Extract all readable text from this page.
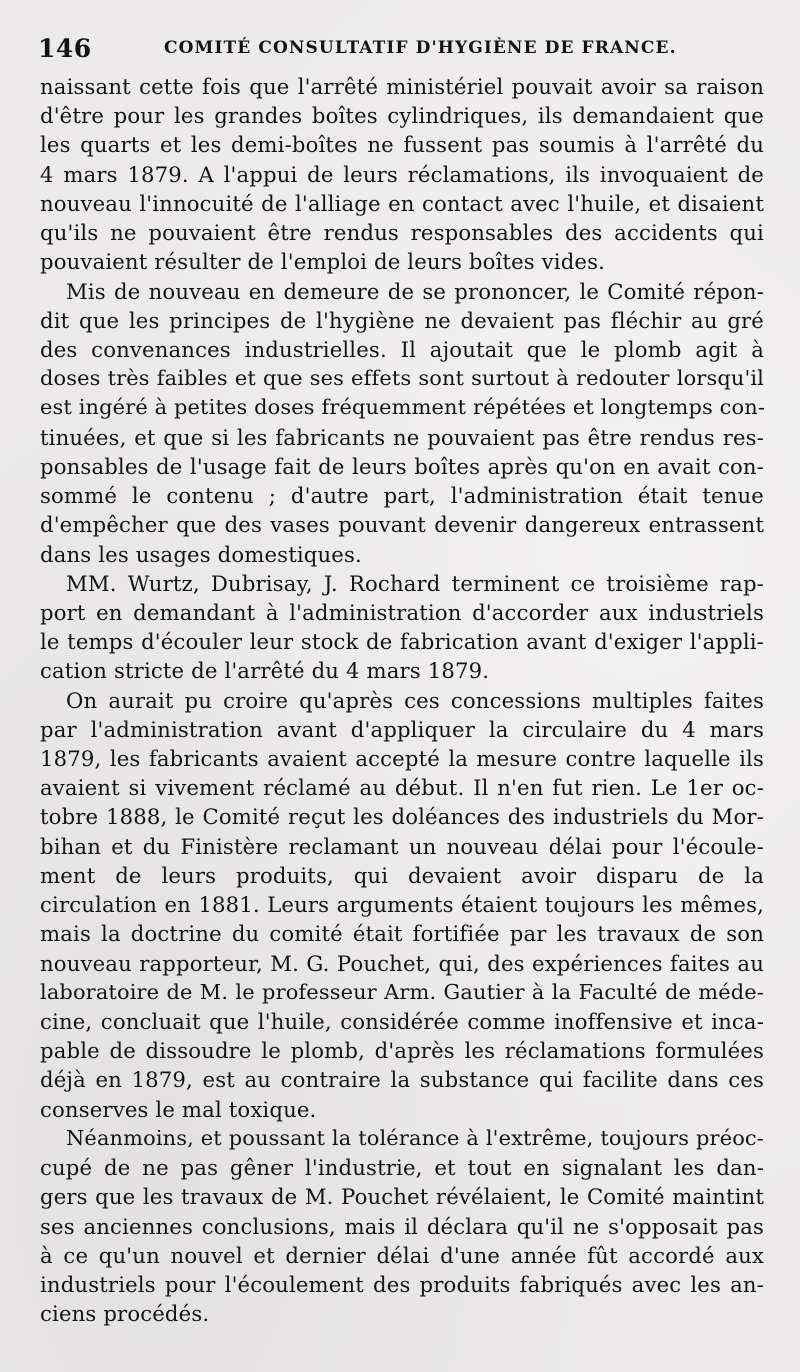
146	COMITÉ CONSULTATIF D'HYGIÈNE DE FRANCE.
naissant cette fois que l'arrêté ministériel pouvait avoir sa raison
d'être pour les grandes boîtes cylindriques, ils demandaient que
les quarts et les demi-boîtes ne fussent pas soumis à l'arrêté du
4 mars 1879. A l'appui de leurs réclamations, ils invoquaient de
nouveau l'innocuité de l'alliage en contact avec l'huile, et disaient
qu'ils ne pouvaient être rendus responsables des accidents qui
pouvaient résulter de l'emploi de leurs boîtes vides.
Mis de nouveau en demeure de se prononcer, le Comité répon-
dit que les principes de l'hygiène ne devaient pas fléchir au gré
des convenances industrielles. Il ajoutait que le plomb agit à
doses très faibles et que ses effets sont surtout à redouter lorsqu'il
est ingéré à petites doses fréquemment répétées et longtemps con-
tinuées, et que si les fabricants ne pouvaient pas être rendus res-
ponsables de l'usage fait de leurs boîtes après qu'on en avait con-
sommé le contenu ; d'autre part, l'administration était tenue
d'empêcher que des vases pouvant devenir dangereux entrassent
dans les usages domestiques.
MM. Wurtz, Dubrisay, J. Rochard terminent ce troisième rap-
port en demandant à l'administration d'accorder aux industriels
le temps d'écouler leur stock de fabrication avant d'exiger l'appli-
cation stricte de l'arrêté du 4 mars 1879.
On aurait pu croire qu'après ces concessions multiples faites
par l'administration avant d'appliquer la circulaire du 4 mars
1879, les fabricants avaient accepté la mesure contre laquelle ils
avaient si vivement réclamé au début. Il n'en fut rien. Le 1er oc-
tobre 1888, le Comité reçut les doléances des industriels du Mor-
bihan et du Finistère reclamant un nouveau délai pour l'écoule-
ment de leurs produits, qui devaient avoir disparu de la
circulation en 1881. Leurs arguments étaient toujours les mêmes,
mais la doctrine du comité était fortifiée par les travaux de son
nouveau rapporteur, M. G. Pouchet, qui, des expériences faites au
laboratoire de M. le professeur Arm. Gautier à la Faculté de méde-
cine, concluait que l'huile, considérée comme inoffensive et inca-
pable de dissoudre le plomb, d'après les réclamations formulées
déjà en 1879, est au contraire la substance qui facilite dans ces
conserves le mal toxique.
Néanmoins, et poussant la tolérance à l'extrême, toujours préoc-
cupé de ne pas gêner l'industrie, et tout en signalant les dan-
gers que les travaux de M. Pouchet révélaient, le Comité maintint
ses anciennes conclusions, mais il déclara qu'il ne s'opposait pas
à ce qu'un nouvel et dernier délai d'une année fût accordé aux
industriels pour l'écoulement des produits fabriqués avec les an-
ciens procédés.
